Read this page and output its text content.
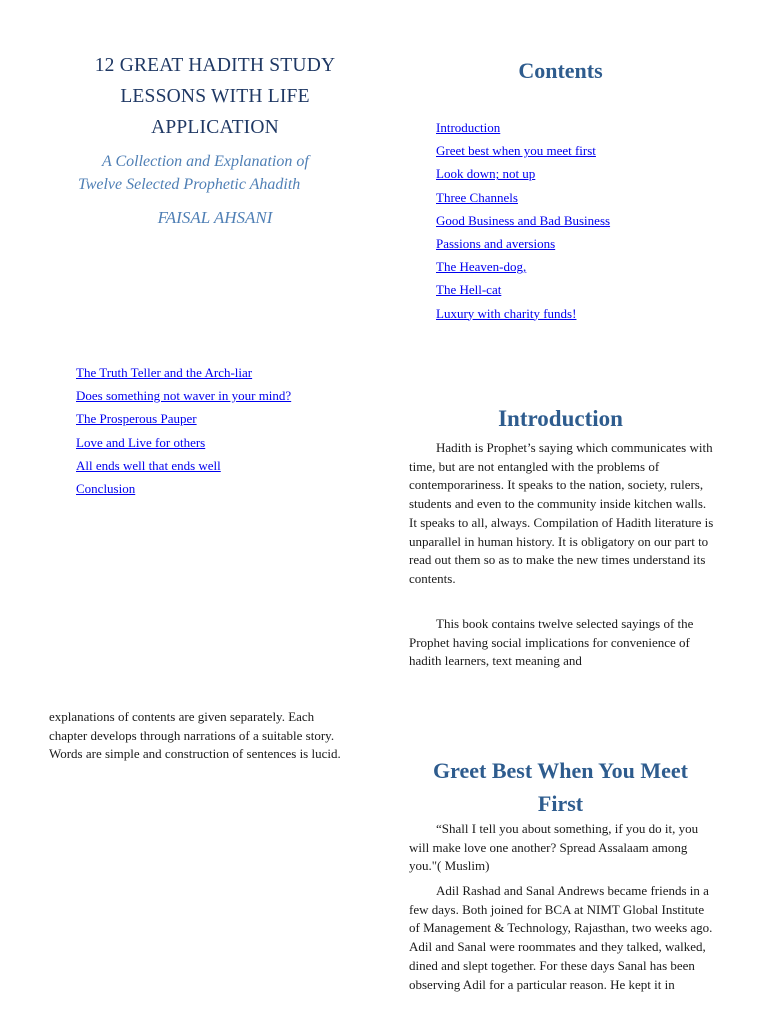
12 GREAT HADITH STUDY
LESSONS WITH LIFE
APPLICATION
A Collection and Explanation of
Twelve Selected Prophetic Ahadith
FAISAL AHSANI
Contents
Introduction
Greet best when you meet first
Look down; not up
Three Channels
Good Business and Bad Business
Passions and aversions
The Heaven-dog,
The Hell-cat
Luxury with charity funds!
The Truth Teller and the Arch-liar
Does something not waver in your mind?
The Prosperous Pauper
Love and Live for others
All ends well that ends well
Conclusion
Introduction

Hadith is Prophet’s saying which communicates with time, but are not entangled with the problems of contemporariness. It speaks to the nation, society, rulers, students and even to the community inside kitchen walls. It speaks to all, always. Compilation of Hadith literature is unparallel in human history. It is obligatory on our part to read out them so as to make the new times understand its contents.

This book contains twelve selected sayings of the Prophet having social implications for convenience of hadith learners, text meaning and

explanations of contents are given separately. Each chapter develops through narrations of a suitable story. Words are simple and construction of sentences is lucid.

Greet Best When You Meet First

“Shall I tell you about something, if you do it, you will make love one another? Spread Assalaam among you."( Muslim)

Adil Rashad and Sanal Andrews became friends in a few days. Both joined for BCA at NIMT Global Institute of Management & Technology, Rajasthan, two weeks ago. Adil and Sanal were roommates and they talked, walked, dined and slept together. For these days Sanal has been observing Adil for a particular reason. He kept it in
